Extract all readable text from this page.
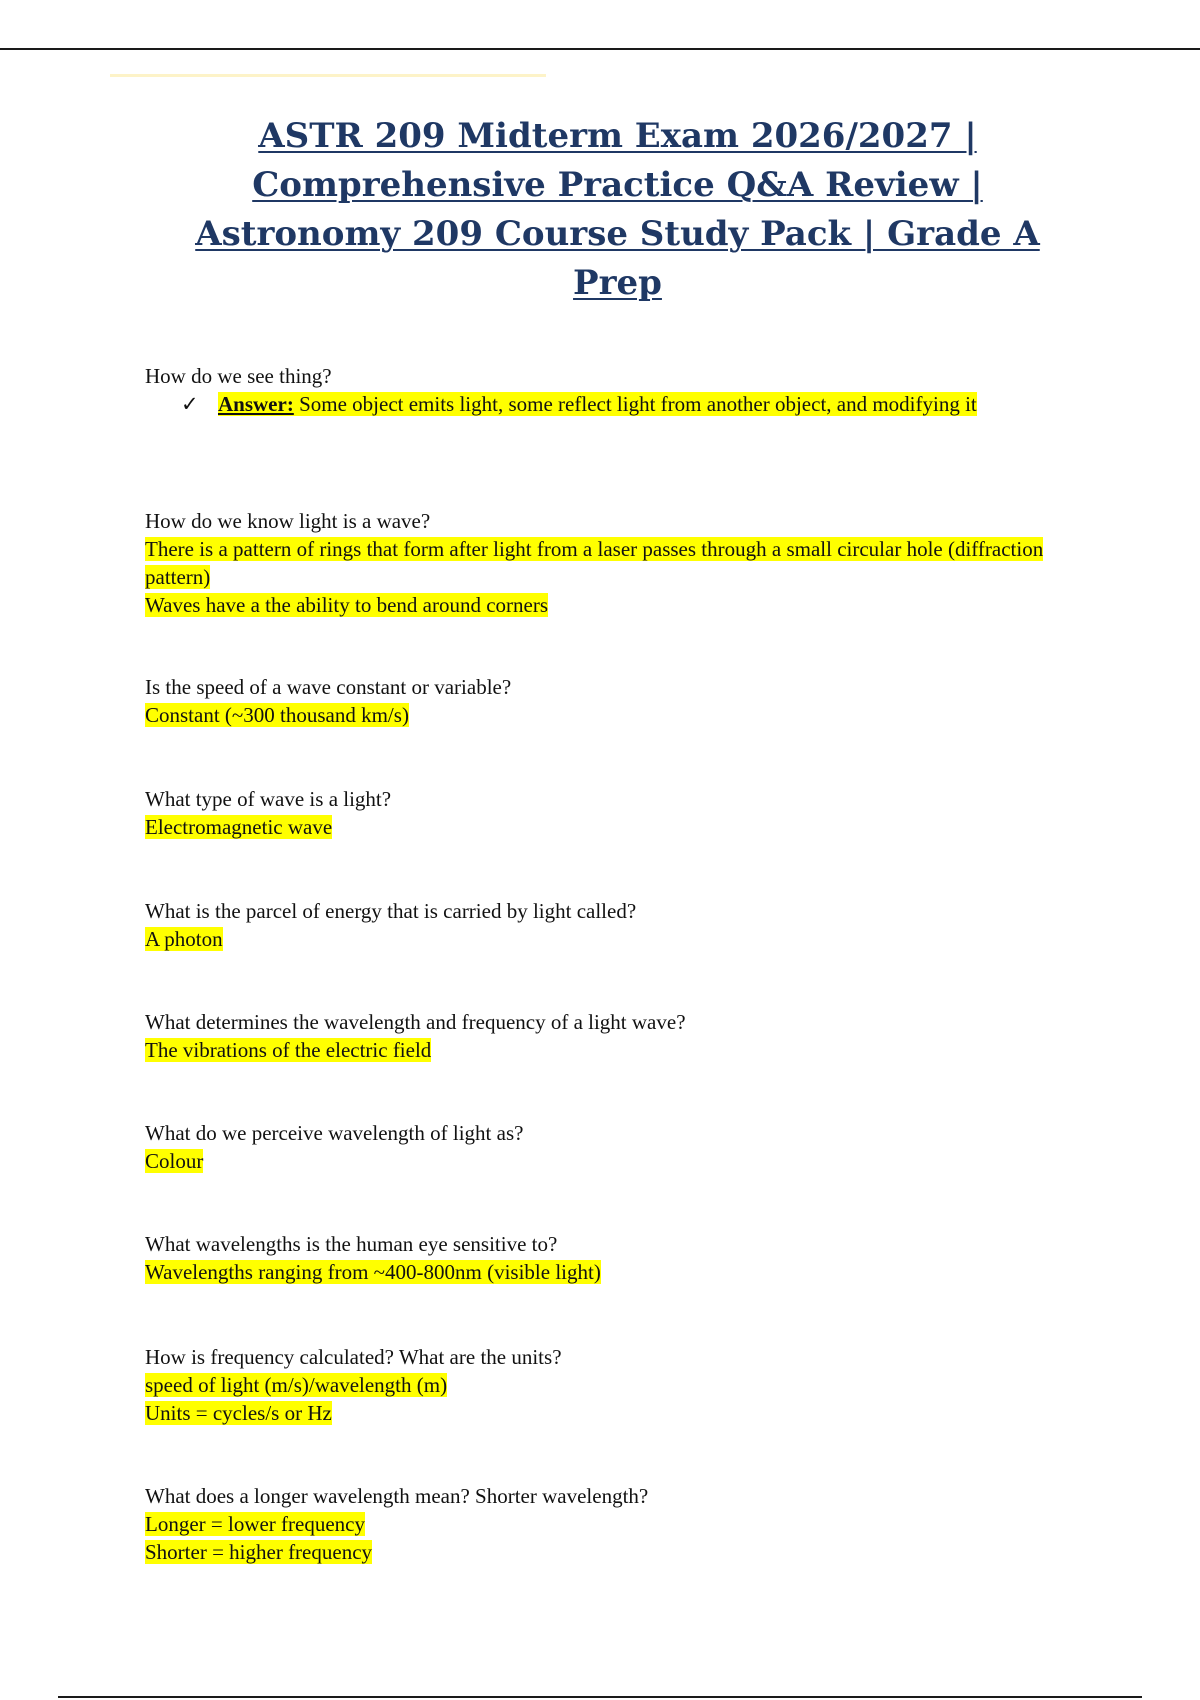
ASTR 209 Midterm Exam 2026/2027 | Comprehensive Practice Q&A Review | Astronomy 209 Course Study Pack | Grade A Prep
How do we see thing?
✓ Answer: Some object emits light, some reflect light from another object, and modifying it
How do we know light is a wave?
There is a pattern of rings that form after light from a laser passes through a small circular hole (diffraction pattern)
Waves have a the ability to bend around corners
Is the speed of a wave constant or variable?
Constant (~300 thousand km/s)
What type of wave is a light?
Electromagnetic wave
What is the parcel of energy that is carried by light called?
A photon
What determines the wavelength and frequency of a light wave?
The vibrations of the electric field
What do we perceive wavelength of light as?
Colour
What wavelengths is the human eye sensitive to?
Wavelengths ranging from ~400-800nm (visible light)
How is frequency calculated? What are the units?
speed of light (m/s)/wavelength (m)
Units = cycles/s or Hz
What does a longer wavelength mean? Shorter wavelength?
Longer = lower frequency
Shorter = higher frequency
